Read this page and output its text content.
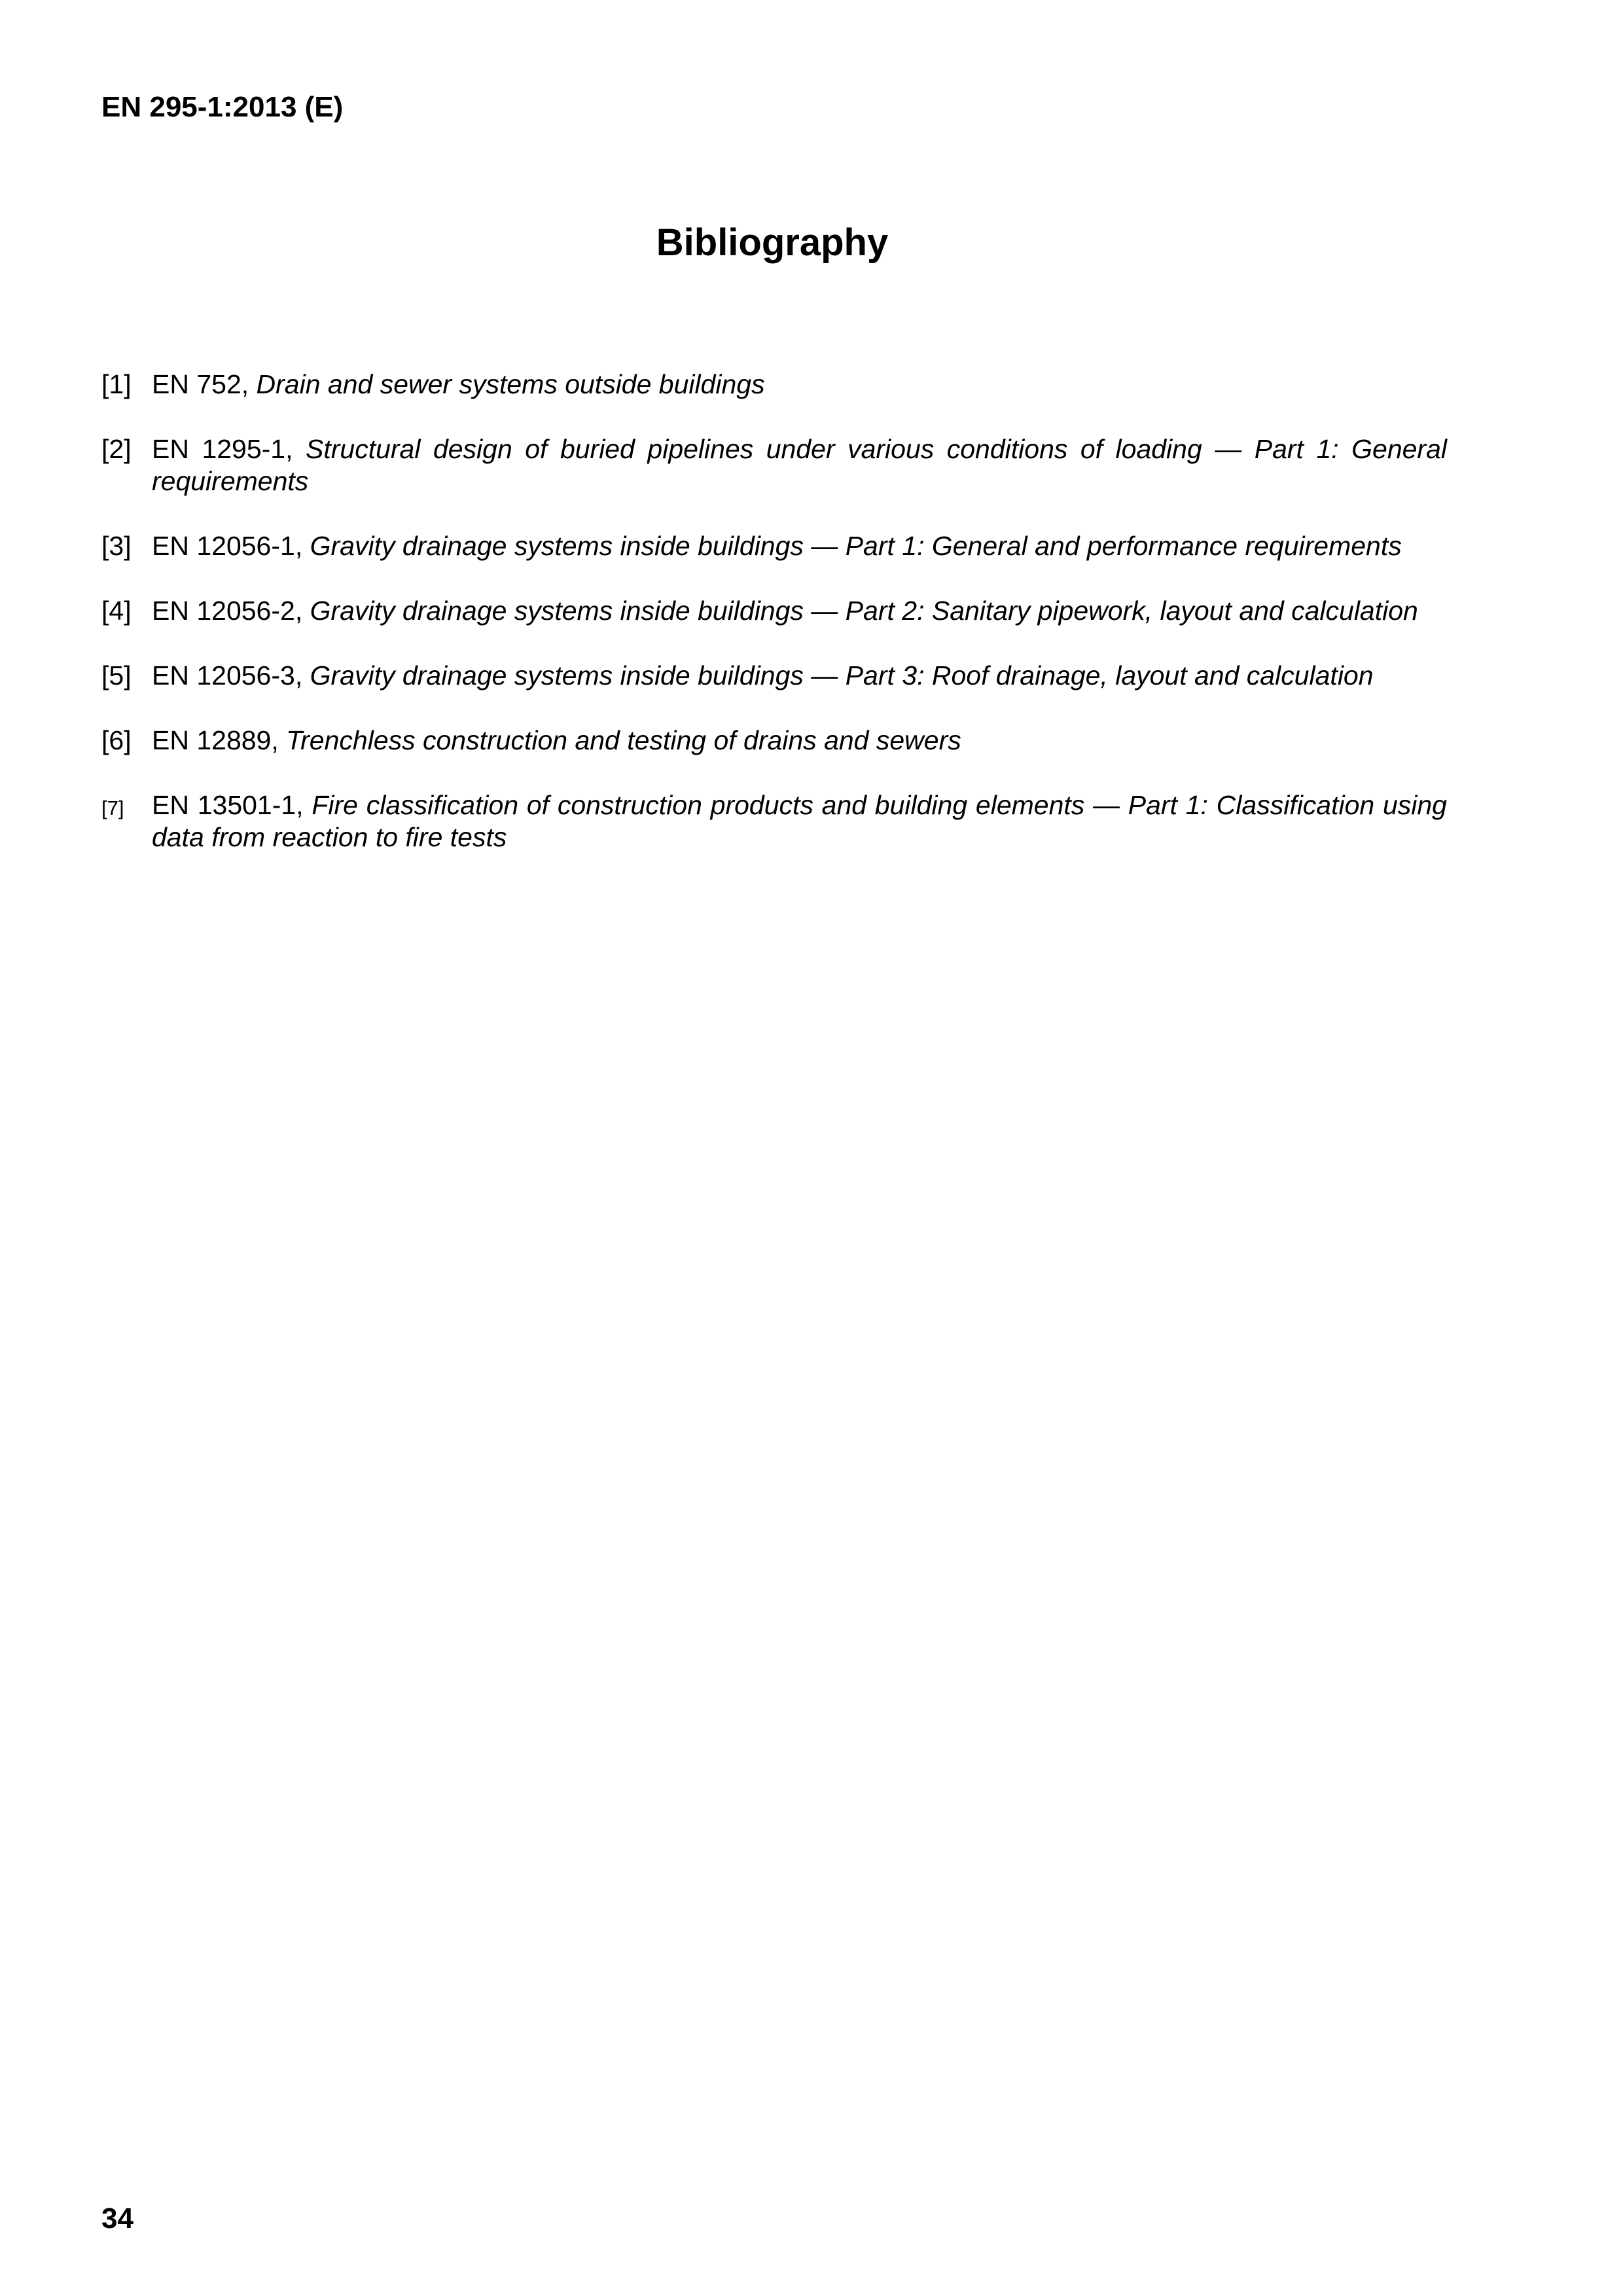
EN 295-1:2013 (E)
Bibliography
[1] EN 752, Drain and sewer systems outside buildings
[2] EN 1295-1, Structural design of buried pipelines under various conditions of loading — Part 1: General requirements
[3] EN 12056-1, Gravity drainage systems inside buildings — Part 1: General and performance requirements
[4] EN 12056-2, Gravity drainage systems inside buildings — Part 2: Sanitary pipework, layout and calculation
[5] EN 12056-3, Gravity drainage systems inside buildings — Part 3: Roof drainage, layout and calculation
[6] EN 12889, Trenchless construction and testing of drains and sewers
[7] EN 13501-1, Fire classification of construction products and building elements — Part 1: Classification using data from reaction to fire tests
34
